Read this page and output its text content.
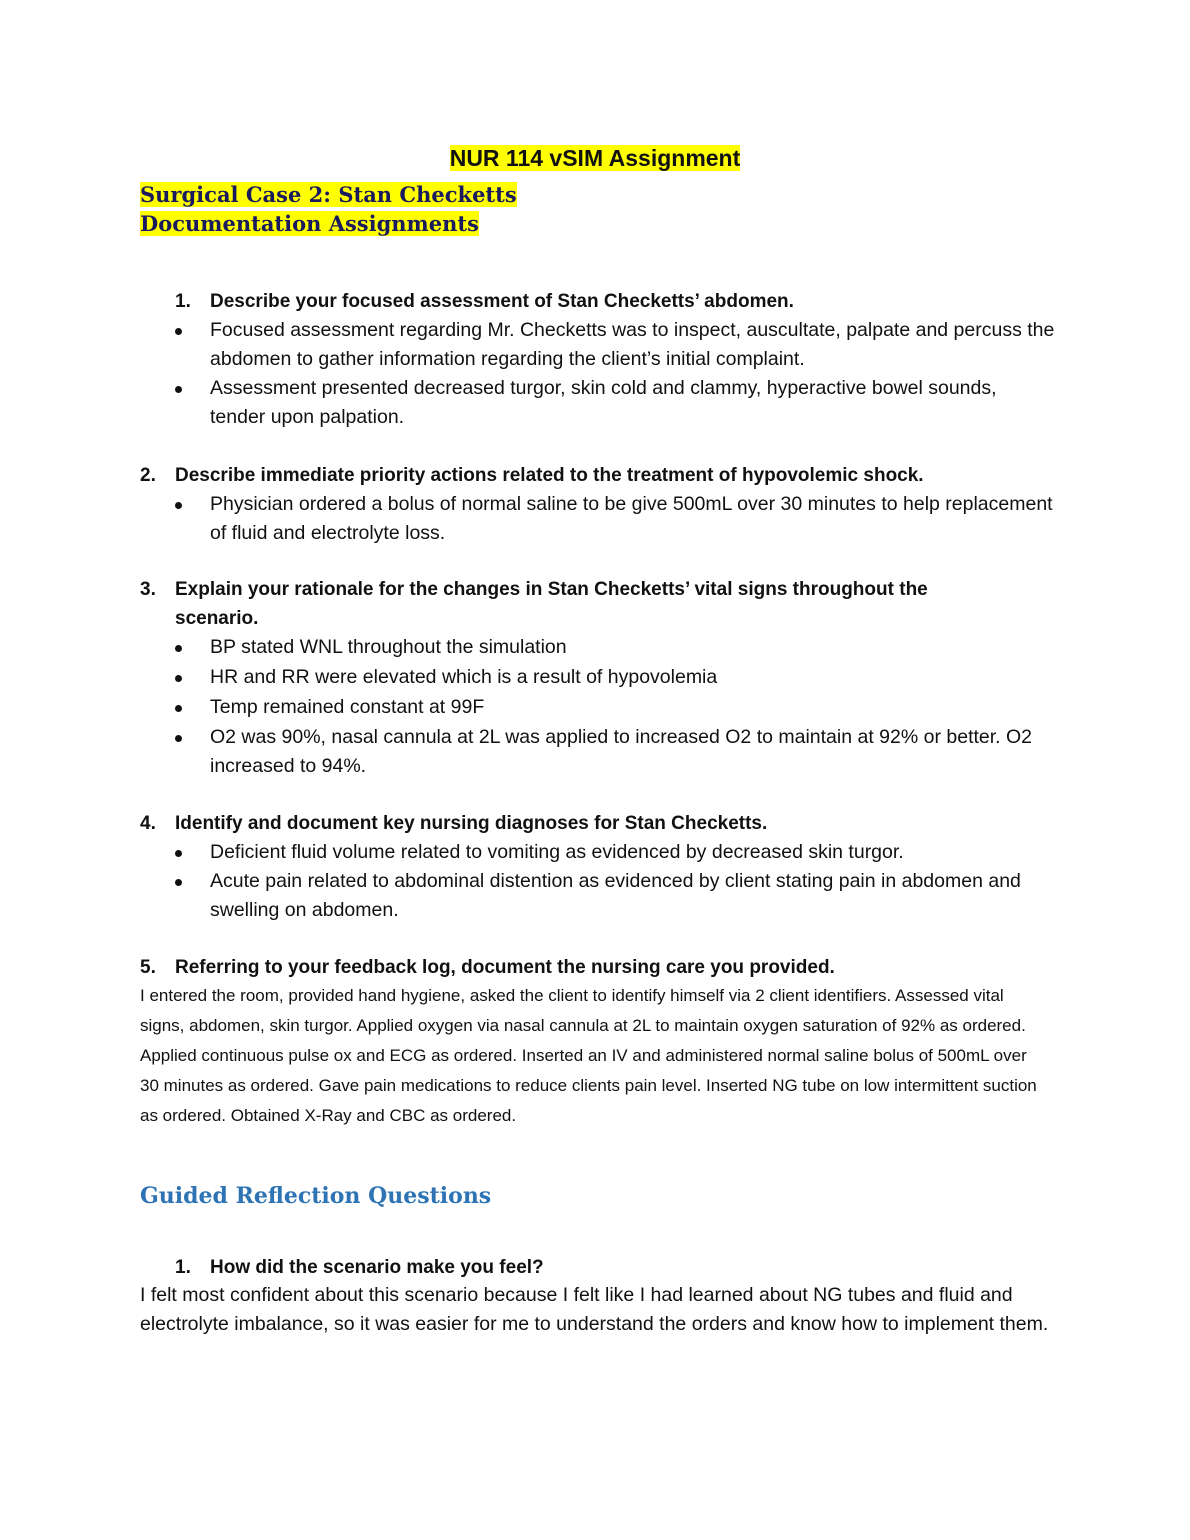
NUR 114 vSIM Assignment
Surgical Case 2: Stan Checketts
Documentation Assignments
1. Describe your focused assessment of Stan Checketts’ abdomen.
Focused assessment regarding Mr. Checketts was to inspect, auscultate, palpate and percuss the abdomen to gather information regarding the client’s initial complaint.
Assessment presented decreased turgor, skin cold and clammy, hyperactive bowel sounds, tender upon palpation.
2. Describe immediate priority actions related to the treatment of hypovolemic shock.
Physician ordered a bolus of normal saline to be give 500mL over 30 minutes to help replacement of fluid and electrolyte loss.
3. Explain your rationale for the changes in Stan Checketts’ vital signs throughout the
scenario.
BP stated WNL throughout the simulation
HR and RR were elevated which is a result of hypovolemia
Temp remained constant at 99F
O2 was 90%, nasal cannula at 2L was applied to increased O2 to maintain at 92% or better. O2 increased to 94%.
4. Identify and document key nursing diagnoses for Stan Checketts.
Deficient fluid volume related to vomiting as evidenced by decreased skin turgor.
Acute pain related to abdominal distention as evidenced by client stating pain in abdomen and swelling on abdomen.
5. Referring to your feedback log, document the nursing care you provided.
I entered the room, provided hand hygiene, asked the client to identify himself via 2 client identifiers. Assessed vital signs, abdomen, skin turgor. Applied oxygen via nasal cannula at 2L to maintain oxygen saturation of 92% as ordered. Applied continuous pulse ox and ECG as ordered. Inserted an IV and administered normal saline bolus of 500mL over 30 minutes as ordered. Gave pain medications to reduce clients pain level. Inserted NG tube on low intermittent suction as ordered. Obtained X-Ray and CBC as ordered.
Guided Reflection Questions
1. How did the scenario make you feel?
I felt most confident about this scenario because I felt like I had learned about NG tubes and fluid and electrolyte imbalance, so it was easier for me to understand the orders and know how to implement them.
